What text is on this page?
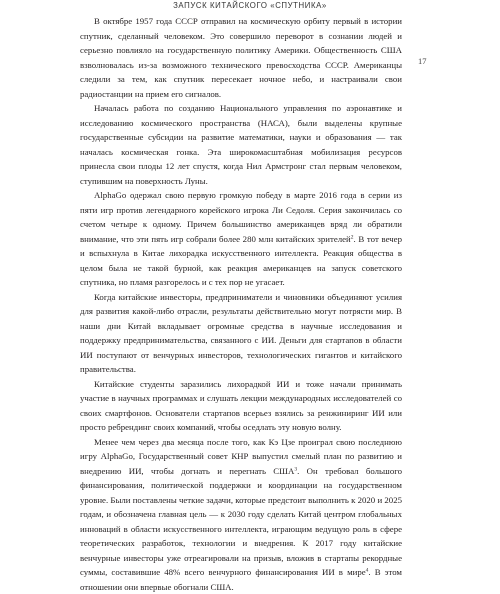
ЗАПУСК КИТАЙСКОГО «СПУТНИКА»
17

В октябре 1957 года СССР отправил на космическую орбиту первый в истории спутник, сделанный человеком. Это совершило переворот в сознании людей и серьезно повлияло на государственную политику Америки. Общественность США взволновалась из-за возможного технического превосходства СССР. Американцы следили за тем, как спутник пересекает ночное небо, и настраивали свои радиостанции на прием его сигналов.

Началась работа по созданию Национального управления по аэронавтике и исследованию космического пространства (НАСА), были выделены крупные государственные субсидии на развитие математики, науки и образования — так началась космическая гонка. Эта широкомасштабная мобилизация ресурсов принесла свои плоды 12 лет спустя, когда Нил Армстронг стал первым человеком, ступившим на поверхность Луны.

AlphaGo одержал свою первую громкую победу в марте 2016 года в серии из пяти игр против легендарного корейского игрока Ли Седоля. Серия закончилась со счетом четыре к одному. Причем большинство американцев вряд ли обратили внимание, что эти пять игр собрали более 280 млн китайских зрителей$^2$. В тот вечер и вспыхнула в Китае лихорадка искусственного интеллекта. Реакция общества в целом была не такой бурной, как реакция американцев на запуск советского спутника, но пламя разгорелось и с тех пор не угасает.

Когда китайские инвесторы, предприниматели и чиновники объединяют усилия для развития какой-либо отрасли, результаты действительно могут потрясти мир. В наши дни Китай вкладывает огромные средства в научные исследования и поддержку предпринимательства, связанного с ИИ. Деньги для стартапов в области ИИ поступают от венчурных инвесторов, технологических гигантов и китайского правительства.

Китайские студенты заразились лихорадкой ИИ и тоже начали принимать участие в научных программах и слушать лекции международных исследователей со своих смартфонов. Основатели стартапов всерьез взялись за ренжиниринг ИИ или просто ребрендинг своих компаний, чтобы оседлать эту новую волну.

Менее чем через два месяца после того, как Кэ Цзе проиграл свою последнюю игру AlphaGo, Государственный совет КНР выпустил смелый план по развитию и внедрению ИИ, чтобы догнать и перегнать США$^3$. Он требовал большого финансирования, политической поддержки и координации на государственном уровне. Были поставлены четкие задачи, которые предстоит выполнить к 2020 и 2025 годам, и обозначена главная цель — к 2030 году сделать Китай центром глобальных инноваций в области искусственного интеллекта, играющим ведущую роль в сфере теоретических разработок, технологии и внедрения. К 2017 году китайские венчурные инвесторы уже отреагировали на призыв, вложив в стартапы рекордные суммы, составившие 48% всего венчурного финансирования ИИ в мире$^4$. В этом отношении они впервые обогнали США.
